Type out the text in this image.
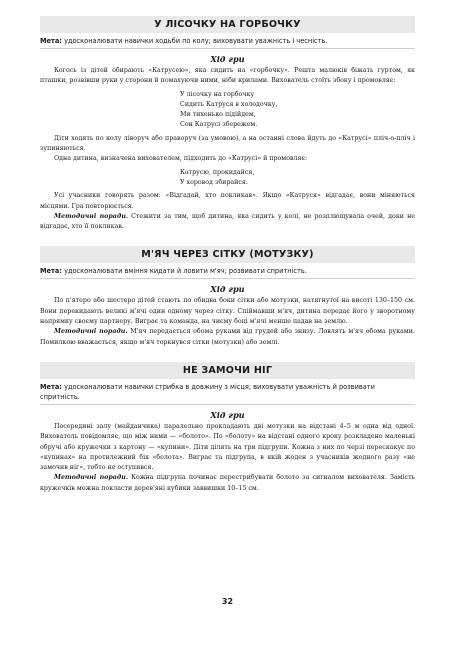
У ЛІСОЧКУ НА ГОРБОЧКУ
Мета: удосконалювати навички ходьби по колу; виховувати уважність і чесність.
Хід гри

Когось із дітей обирають «Катрусею», яка сидить на «горбочку». Решта малюків біжать гуртом, як пташки, розвівши руки у сторони й помахуючи ними, ніби крилами. Вихователь стоїть збоку і промовляє:

У лісочку на горбочку
Сидить Катруся в холодочку,
Ми тихенько підійдем,
Сон Катрусі збережем.

Діти ходять по колу ліворуч або праворуч (за умовою), а на останні слова йдуть до «Катрусі» пліч-о-пліч і зупиняються.

Одна дитина, визначена вихователем, підходить до «Катрусі» й промовляє:

Катрусю, прокидайся,
У хоровод збирайся.

Усі учасники говорять разом: «Відгадай, хто покликав». Якщо «Катруся» відгадає, вони міняються місцями. Гра повторюється.

Методичні поради. Стежити за тим, щоб дитина, яка сидить у колі, не розплющувала очей, доки не відгадає, хто її покликав.

М'ЯЧ ЧЕРЕЗ СІТКУ (МОТУЗКУ)
Мета: удосконалювати вміння кидати й ловити м'яч; розвивати спритність.
Хід гри

По п'ятеро або шестеро дітей стають по обидва боки сітки або мотузки, натягнутої на висоті 130–150 см. Вони перекидають великі м'ячі один одному через сітку. Спіймавши м'яч, дитина передає його у зворотному напрямку своєму партнеру. Виграє та команда, на чиєму боці м'ячі менше падав на землю.

Методичні поради. М'яч передається обома руками від грудей або знизу. Ловлять м'яч обома руками. Помилкою вважається, якщо м'яч торкнувся сітки (мотузки) або землі.

НЕ ЗАМОЧИ НІГ
Мета: удосконалювати навички стрибка в довжину з місця; виховувати уважність й розвивати спритність.
Хід гри

Посередині залу (майданчика) паралельно прокладають дві мотузки на відстані 4–5 м одна від одної. Вихователь повідомляє, що між ними — «болото». По «болоту» на відстані одного кроку розкладено маленькі обручі або кружечки з картону — «купини». Діти ділять на три підгрупи. Кожна з них по черзі перескакує по «купинах» на протилежний бік «болота». Виграє та підгрупа, в якій жоден з учасників жодного разу «не замочив ніг», тобто не оступився.

Методичні поради. Кожна підгрупа починає перестрибувати болото за сигналом вихователя. Замість кружечків можна покласти дерев'яні кубики заввишки 10–15 см.

32
